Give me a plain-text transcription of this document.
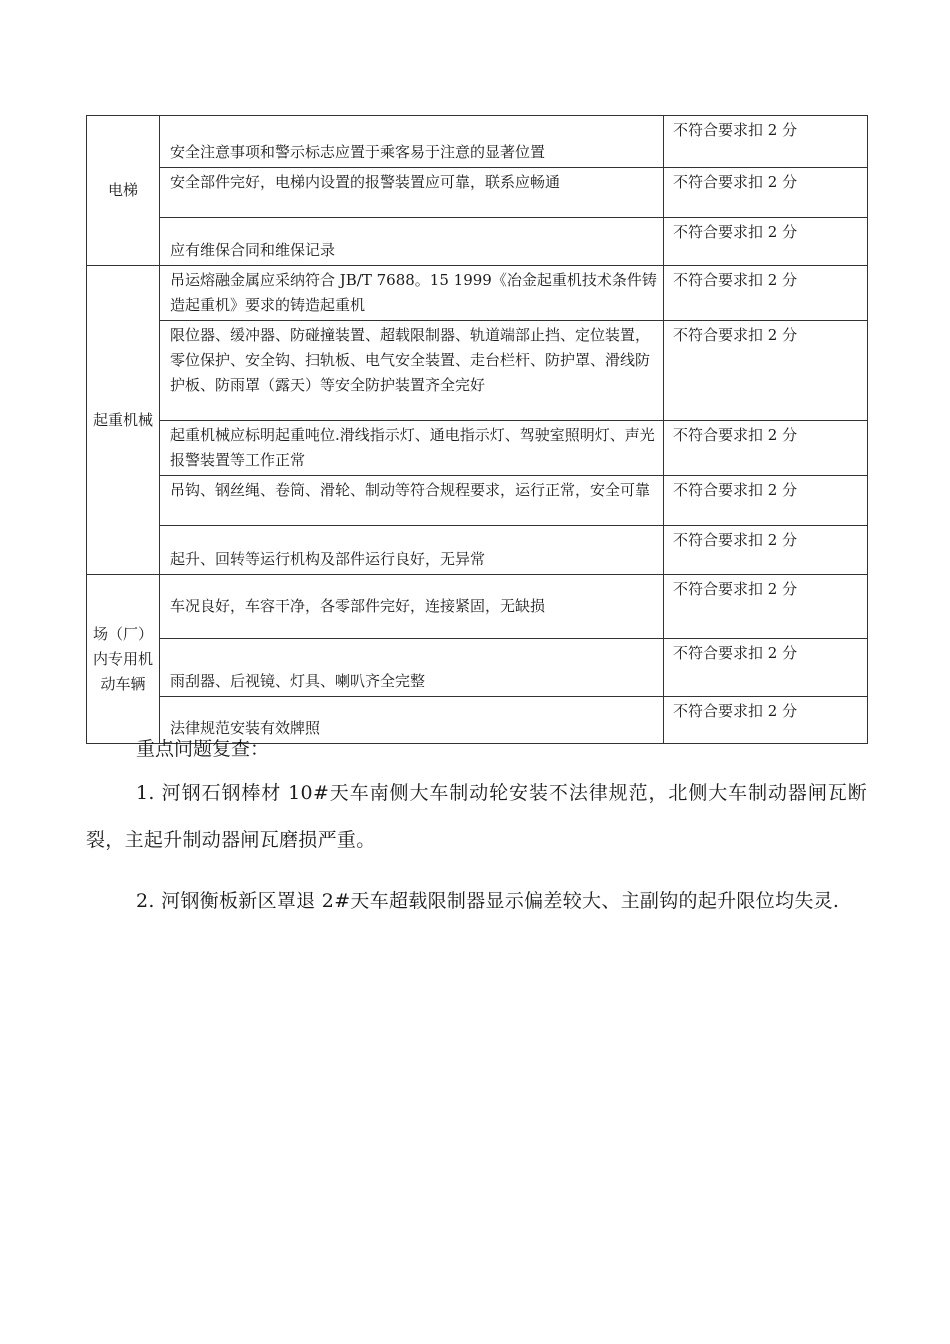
电梯	安全注意事项和警示标志应置于乘客易于注意的显著位置	不符合要求扣 2 分
	安全部件完好，电梯内设置的报警装置应可靠，联系应畅通	不符合要求扣 2 分
	应有维保合同和维保记录	不符合要求扣 2 分
起重机械	吊运熔融金属应采纳符合 JB/T 7688。15 1999《冶金起重机技术条件铸造起重机》要求的铸造起重机	不符合要求扣 2 分
	限位器、缓冲器、防碰撞装置、超载限制器、轨道端部止挡、定位装置，零位保护、安全钩、扫轨板、电气安全装置、走台栏杆、防护罩、滑线防护板、防雨罩（露天）等安全防护装置齐全完好	不符合要求扣 2 分
	起重机械应标明起重吨位.滑线指示灯、通电指示灯、驾驶室照明灯、声光报警装置等工作正常	不符合要求扣 2 分
	吊钩、钢丝绳、卷筒、滑轮、制动等符合规程要求，运行正常，安全可靠	不符合要求扣 2 分
	起升、回转等运行机构及部件运行良好，无异常	不符合要求扣 2 分
场（厂）内专用机动车辆	车况良好，车容干净，各零部件完好，连接紧固，无缺损	不符合要求扣 2 分
	雨刮器、后视镜、灯具、喇叭齐全完整	不符合要求扣 2 分
	法律规范安装有效牌照	不符合要求扣 2 分

重点问题复查：

1. 河钢石钢棒材 10#天车南侧大车制动轮安装不法律规范，北侧大车制动器闸瓦断裂，主起升制动器闸瓦磨损严重。

2. 河钢衡板新区罩退 2#天车超载限制器显示偏差较大、主副钩的起升限位均失灵.
